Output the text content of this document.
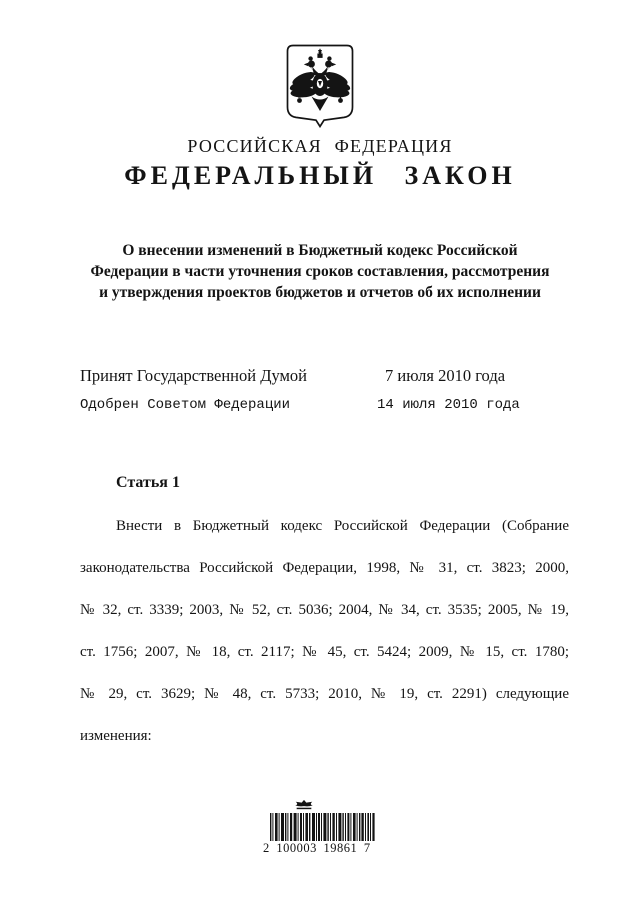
РОССИЙСКАЯ ФЕДЕРАЦИЯ
ФЕДЕРАЛЬНЫЙ ЗАКОН
О внесении изменений в Бюджетный кодекс Российской
Федерации в части уточнения сроков составления, рассмотрения
и утверждения проектов бюджетов и отчетов об их исполнении
Принят Государственной Думой	7 июля 2010 года
Одобрен Советом Федерации	14 июля 2010 года
Статья 1
Внести в Бюджетный кодекс Российской Федерации (Собрание
законодательства Российской Федерации, 1998, № 31, ст. 3823; 2000,
№ 32, ст. 3339; 2003, № 52, ст. 5036; 2004, № 34, ст. 3535; 2005, № 19,
ст. 1756; 2007, № 18, ст. 2117; № 45, ст. 5424; 2009, № 15, ст. 1780;
№ 29, ст. 3629; № 48, ст. 5733; 2010, № 19, ст. 2291) следующие
изменения:
2 100003 19861 7
